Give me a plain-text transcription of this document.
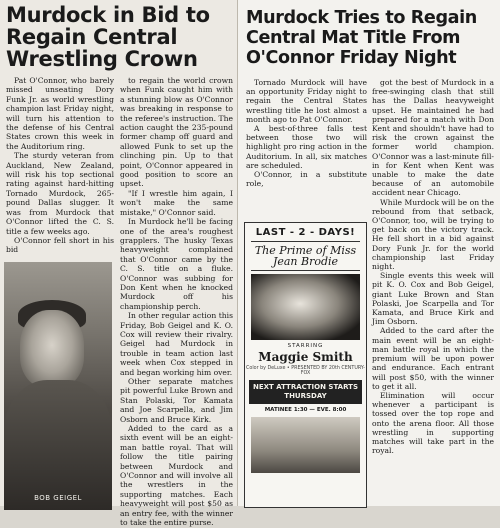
Murdock in Bid to Regain Central Wrestling Crown

Pat O'Connor, who barely missed unseating Dory Funk Jr. as world wrestling champion last Friday night, will turn his attention to the defense of his Central States crown this week in the Auditorium ring.

The sturdy veteran from Auckland, New Zealand, will risk his top sectional rating against hard-hitting Tornado Murdock, 265-pound Dallas slugger. It was from Murdock that O'Connor lifted the C. S. title a few weeks ago.

O'Connor fell short in his bid

BOB GEIGEL

to regain the world crown when Funk caught him with a stunning blow as O'Connor was breaking in response to the referee's instruction. The action caught the 235-pound former champ off guard and allowed Funk to set up the clinching pin. Up to that point, O'Connor appeared in good position to score an upset.

"If I wrestle him again, I won't make the same mistake," O'Connor said.

In Murdock he'll be facing one of the area's roughest grapplers. The husky Texas heavyweight complained that O'Connor came by the C. S. title on a fluke. O'Connor was subbing for Don Kent when he knocked Murdock off his championship perch.

In other regular action this Friday, Bob Geigel and K. O. Cox will review their rivalry. Geigel had Murdock in trouble in team action last week when Cox stepped in and began working him over.

Other separate matches pit powerful Luke Brown and Stan Polaski, Tor Kamata and Joe Scarpella, and Jim Osborn and Bruce Kirk.

Added to the card as a sixth event will be an eight-man battle royal. That will follow the title pairing between Murdock and O'Connor and will involve all the wrestlers in the supporting matches. Each heavyweight will post $50 as an entry fee, with the winner to take the entire purse.

Murdock Tries to Regain Central Mat Title From O'Connor Friday Night

Tornado Murdock will have an opportunity Friday night to regain the Central States wrestling title he lost almost a month ago to Pat O'Connor.

A best-of-three falls test between those two will highlight pro ring action in the Auditorium. In all, six matches are scheduled.

O'Connor, in a substitute role,

LAST - 2 - DAYS!
The Prime of Miss Jean Brodie
STARRING
Maggie Smith
Color by DeLuxe • PRESENTED BY 20th CENTURY-FOX
NEXT ATTRACTION STARTS THURSDAY
MATINEE 1:30 — EVE. 8:00

got the best of Murdock in a free-swinging clash that still has the Dallas heavyweight upset. He maintained he had prepared for a match with Don Kent and shouldn't have had to risk the crown against the former world champion. O'Connor was a last-minute fill-in for Kent when Kent was unable to make the date because of an automobile accident near Chicago.

While Murdock will be on the rebound from that setback, O'Connor, too, will be trying to get back on the victory track. He fell short in a bid against Dory Funk Jr. for the world championship last Friday night.

Single events this week will pit K. O. Cox and Bob Geigel, giant Luke Brown and Stan Polaski, Joe Scarpella and Tor Kamata, and Bruce Kirk and Jim Osborn.

Added to the card after the main event will be an eight-man battle royal in which the premium will be upon power and endurance. Each entrant will post $50, with the winner to get it all.

Elimination will occur whenever a participant is tossed over the top rope and onto the arena floor. All those wrestling in supporting matches will take part in the royal.
